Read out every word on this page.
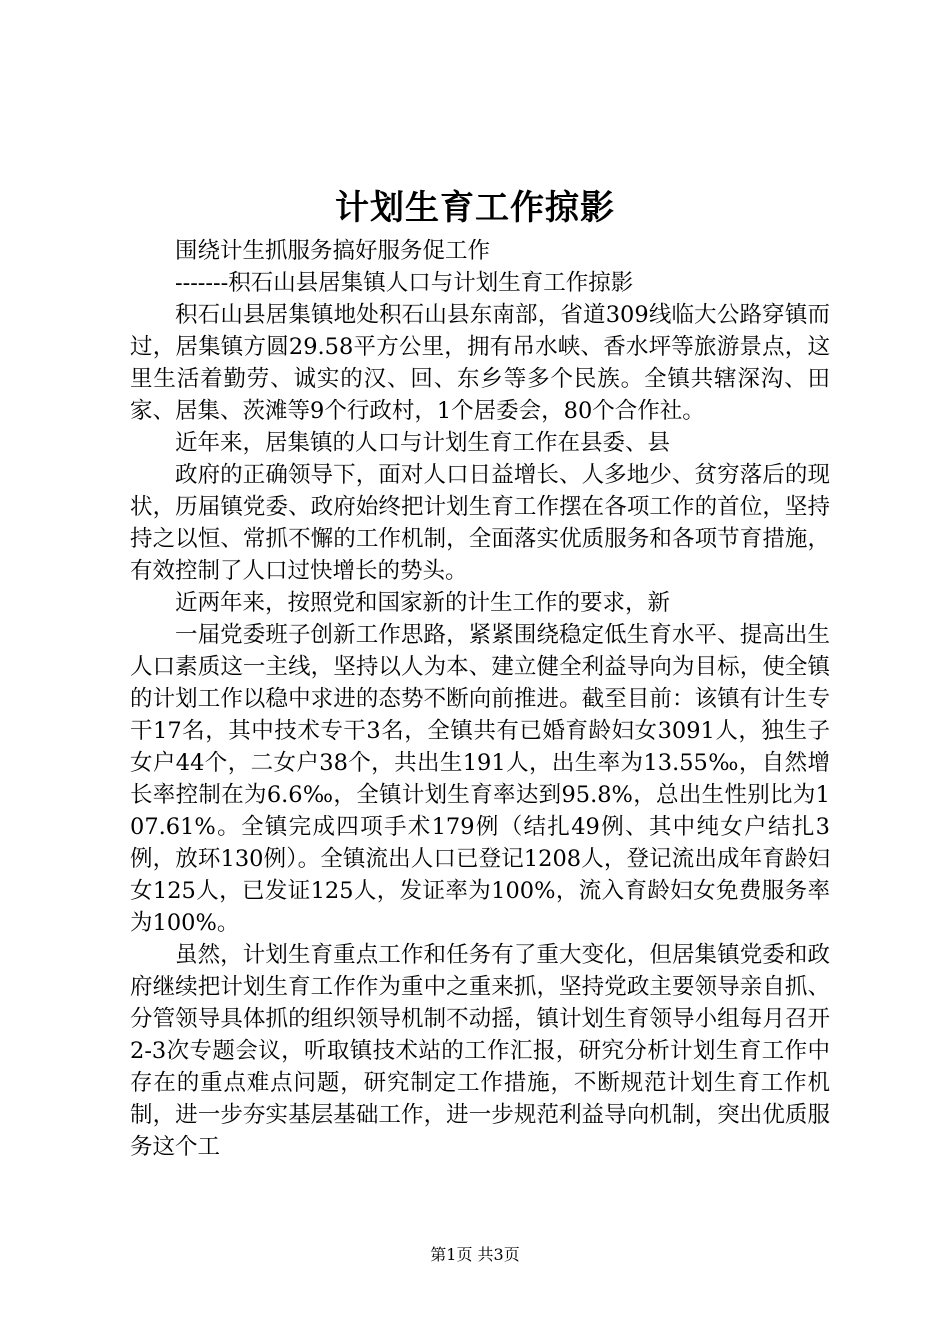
计划生育工作掠影

围绕计生抓服务搞好服务促工作

-------积石山县居集镇人口与计划生育工作掠影

积石山县居集镇地处积石山县东南部，省道309线临大公路穿镇而过，居集镇方圆29.58平方公里，拥有吊水峡、香水坪等旅游景点，这里生活着勤劳、诚实的汉、回、东乡等多个民族。全镇共辖深沟、田家、居集、茨滩等9个行政村，1个居委会，80个合作社。

近年来，居集镇的人口与计划生育工作在县委、县

政府的正确领导下，面对人口日益增长、人多地少、贫穷落后的现状，历届镇党委、政府始终把计划生育工作摆在各项工作的首位，坚持持之以恒、常抓不懈的工作机制，全面落实优质服务和各项节育措施，有效控制了人口过快增长的势头。

近两年来，按照党和国家新的计生工作的要求，新

一届党委班子创新工作思路，紧紧围绕稳定低生育水平、提高出生人口素质这一主线，坚持以人为本、建立健全利益导向为目标，使全镇的计划工作以稳中求进的态势不断向前推进。截至目前：该镇有计生专干17名，其中技术专干3名，全镇共有已婚育龄妇女3091人，独生子女户44个，二女户38个，共出生191人，出生率为13.55‰，自然增长率控制在为6.6‰，全镇计划生育率达到95.8%，总出生性别比为107.61%。全镇完成四项手术179例（结扎49例、其中纯女户结扎3例，放环130例）。全镇流出人口已登记1208人，登记流出成年育龄妇女125人，已发证125人，发证率为100%，流入育龄妇女免费服务率为100%。

虽然，计划生育重点工作和任务有了重大变化，但居集镇党委和政府继续把计划生育工作作为重中之重来抓，坚持党政主要领导亲自抓、分管领导具体抓的组织领导机制不动摇，镇计划生育领导小组每月召开2-3次专题会议，听取镇技术站的工作汇报，研究分析计划生育工作中存在的重点难点问题，研究制定工作措施，不断规范计划生育工作机制，进一步夯实基层基础工作，进一步规范利益导向机制，突出优质服务这个工

第1页 共3页
